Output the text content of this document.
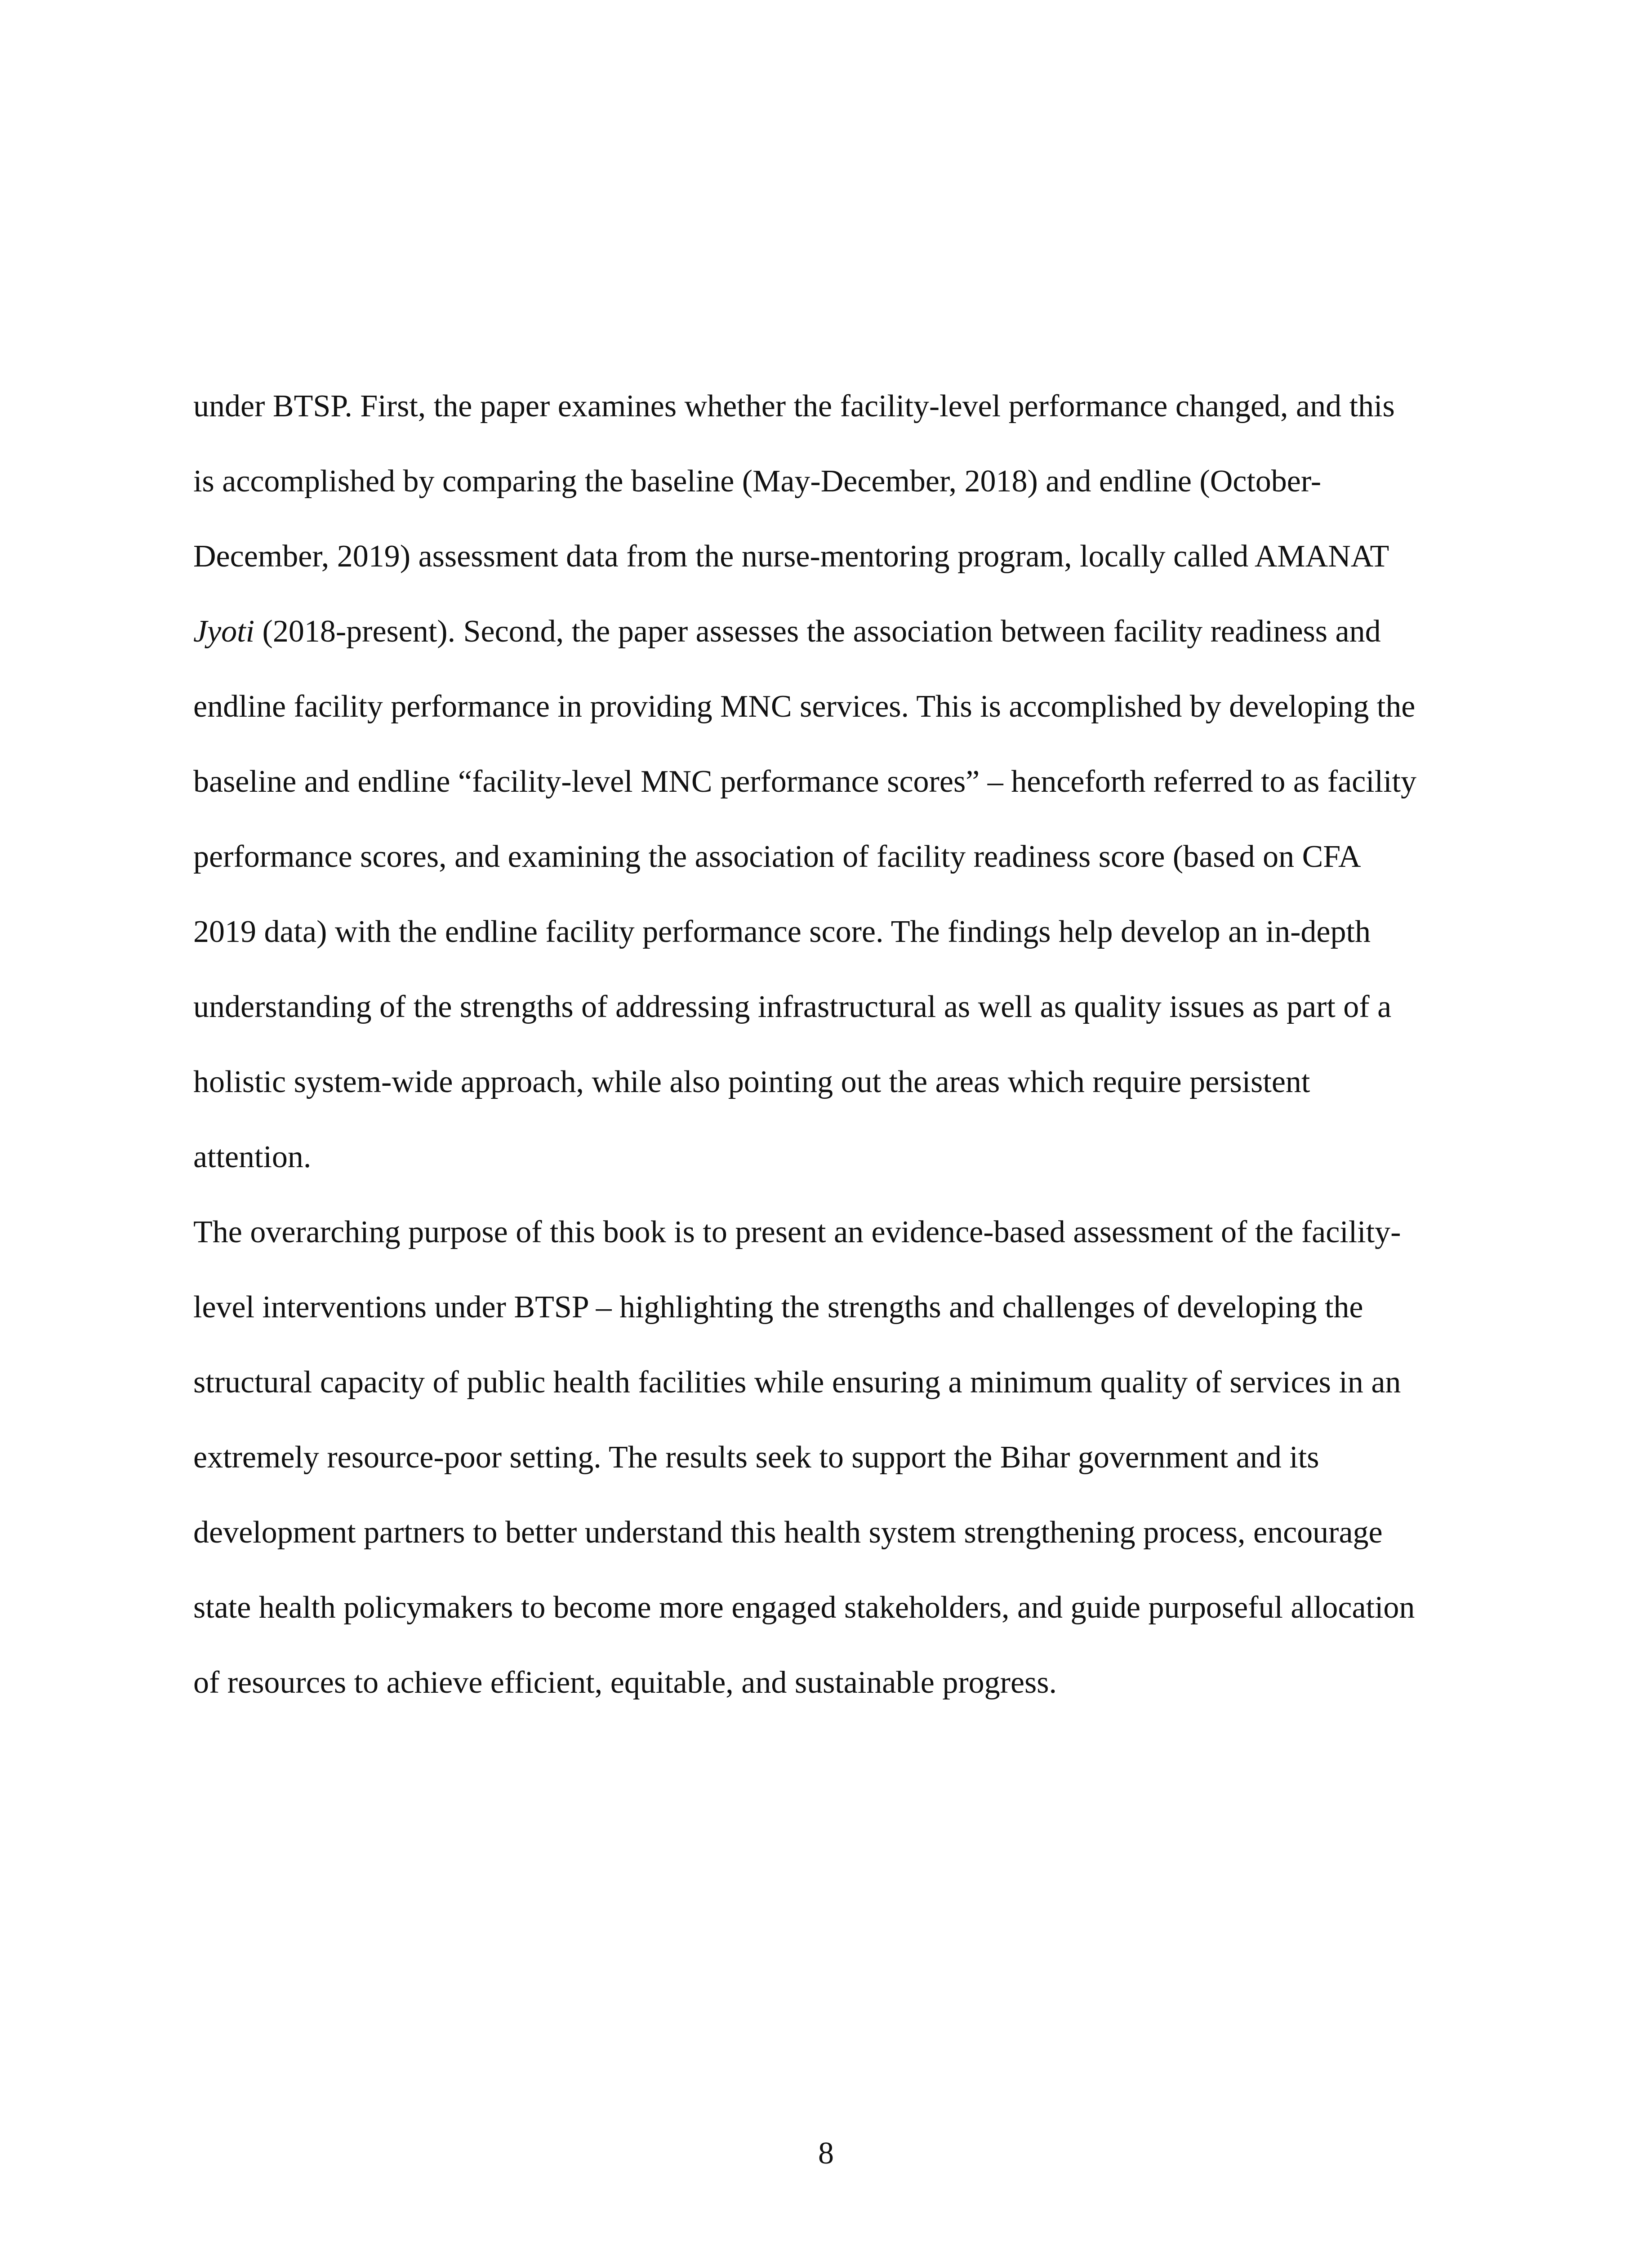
under BTSP. First, the paper examines whether the facility-level performance changed, and this
is accomplished by comparing the baseline (May-December, 2018) and endline (October-
December, 2019) assessment data from the nurse-mentoring program, locally called AMANAT
Jyoti (2018-present). Second, the paper assesses the association between facility readiness and
endline facility performance in providing MNC services. This is accomplished by developing the
baseline and endline “facility-level MNC performance scores” – henceforth referred to as facility
performance scores, and examining the association of facility readiness score (based on CFA
2019 data) with the endline facility performance score. The findings help develop an in-depth
understanding of the strengths of addressing infrastructural as well as quality issues as part of a
holistic system-wide approach, while also pointing out the areas which require persistent
attention.
The overarching purpose of this book is to present an evidence-based assessment of the facility-
level interventions under BTSP – highlighting the strengths and challenges of developing the
structural capacity of public health facilities while ensuring a minimum quality of services in an
extremely resource-poor setting. The results seek to support the Bihar government and its
development partners to better understand this health system strengthening process, encourage
state health policymakers to become more engaged stakeholders, and guide purposeful allocation
of resources to achieve efficient, equitable, and sustainable progress.
8
